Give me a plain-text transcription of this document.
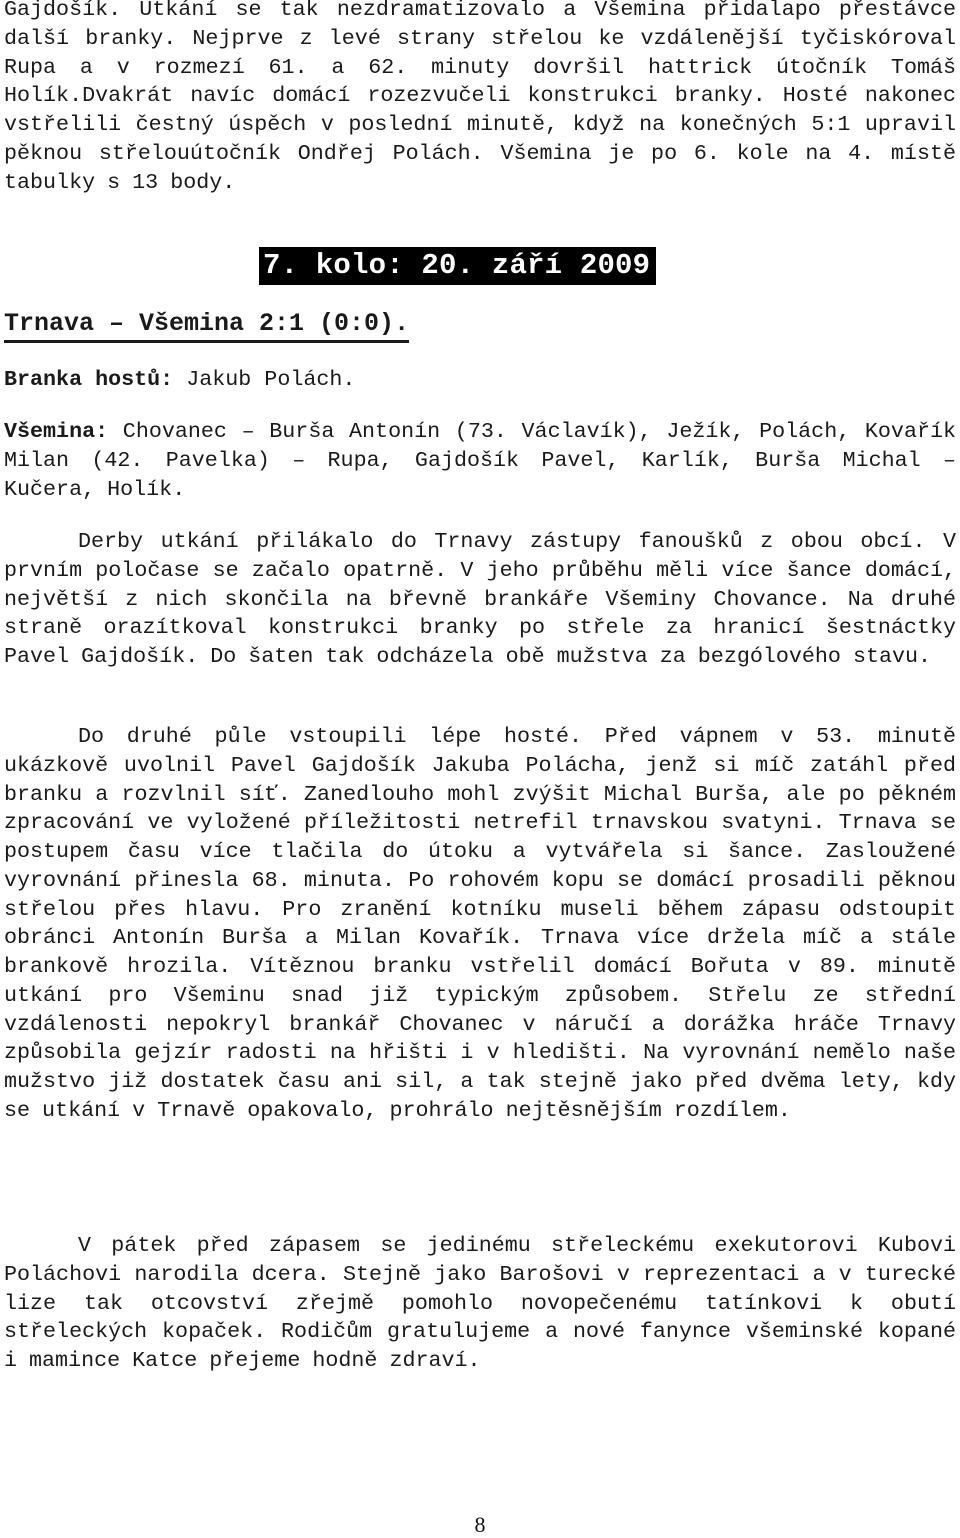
Gajdošík. Utkání se tak nezdramatizovalo a Všemina přidalapo přestávce další branky. Nejprve z levé strany střelou ke vzdálenější tyčiskóroval Rupa a v rozmezí 61. a 62. minuty dovršil hattrick útočník Tomáš Holík.Dvakrát navíc domácí rozezvučeli konstrukci branky. Hosté nakonec vstřelili čestný úspěch v poslední minutě, když na konečných 5:1 upravil pěknou střelouútočník Ondřej Polách. Všemina je po 6. kole na 4. místě tabulky s 13 body.

7. kolo: 20. září 2009
Trnava – Všemina 2:1 (0:0).
Branka hostů: Jakub Polách.

Všemina: Chovanec – Burša Antonín (73. Václavík), Ježík, Polách, Kovařík Milan (42. Pavelka) – Rupa, Gajdošík Pavel, Karlík, Burša Michal – Kučera, Holík.

Derby utkání přilákalo do Trnavy zástupy fanoušků z obou obcí. V prvním poločase se začalo opatrně. V jeho průběhu měli více šance domácí, největší z nich skončila na břevně brankáře Všeminy Chovance. Na druhé straně orazítkoval konstrukci branky po střele za hranicí šestnáctky Pavel Gajdošík. Do šaten tak odcházela obě mužstva za bezgólového stavu.

Do druhé půle vstoupili lépe hosté. Před vápnem v 53. minutě ukázkově uvolnil Pavel Gajdošík Jakuba Polácha, jenž si míč zatáhl před branku a rozvlnil síť. Zanedlouho mohl zvýšit Michal Burša, ale po pěkném zpracování ve vyložené příležitosti netrefil trnavskou svatyni. Trnava se postupem času více tlačila do útoku a vytvářela si šance. Zasloužené vyrovnání přinesla 68. minuta. Po rohovém kopu se domácí prosadili pěknou střelou přes hlavu. Pro zranění kotníku museli během zápasu odstoupit obránci Antonín Burša a Milan Kovařík. Trnava více držela míč a stále brankově hrozila. Vítěznou branku vstřelil domácí Bořuta v 89. minutě utkání pro Všeminu snad již typickým způsobem. Střelu ze střední vzdálenosti nepokryl brankář Chovanec v náručí a dorážka hráče Trnavy způsobila gejzír radosti na hřišti i v hledišti. Na vyrovnání nemělo naše mužstvo již dostatek času ani sil, a tak stejně jako před dvěma lety, kdy se utkání v Trnavě opakovalo, prohrálo nejtěsnějším rozdílem.

V pátek před zápasem se jedinému střeleckému exekutorovi Kubovi Poláchovi narodila dcera. Stejně jako Barošovi v reprezentaci a v turecké lize tak otcovství zřejmě pomohlo novopečenému tatínkovi k obutí střeleckých kopaček. Rodičům gratulujeme a nové fanynce všeminské kopané i mamince Katce přejeme hodně zdraví.

8
